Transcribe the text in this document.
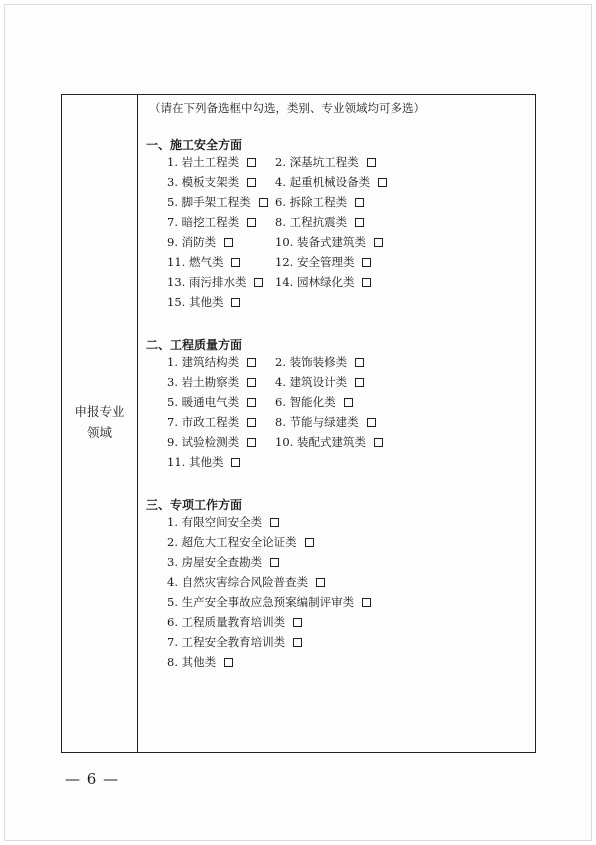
申报专业
领域
（请在下列备选框中勾选，类别、专业领域均可多选）
一、施工安全方面
1. 岩土工程类	2. 深基坑工程类
3. 模板支架类	4. 起重机械设备类
5. 脚手架工程类 6. 拆除工程类
7. 暗挖工程类	8. 工程抗震类
9. 消防类	10. 装备式建筑类
11. 燃气类	12. 安全管理类
13. 雨污排水类 14. 园林绿化类
15. 其他类
二、工程质量方面
1. 建筑结构类	2. 装饰装修类
3. 岩土勘察类	4. 建筑设计类
5. 暖通电气类	6. 智能化类
7. 市政工程类	8. 节能与绿建类
9. 试验检测类	10. 装配式建筑类
11. 其他类
三、专项工作方面
1. 有限空间安全类
2. 超危大工程安全论证类
3. 房屋安全查勘类
4. 自然灾害综合风险普查类
5. 生产安全事故应急预案编制评审类
6. 工程质量教育培训类
7. 工程安全教育培训类
8. 其他类
— 6 —
